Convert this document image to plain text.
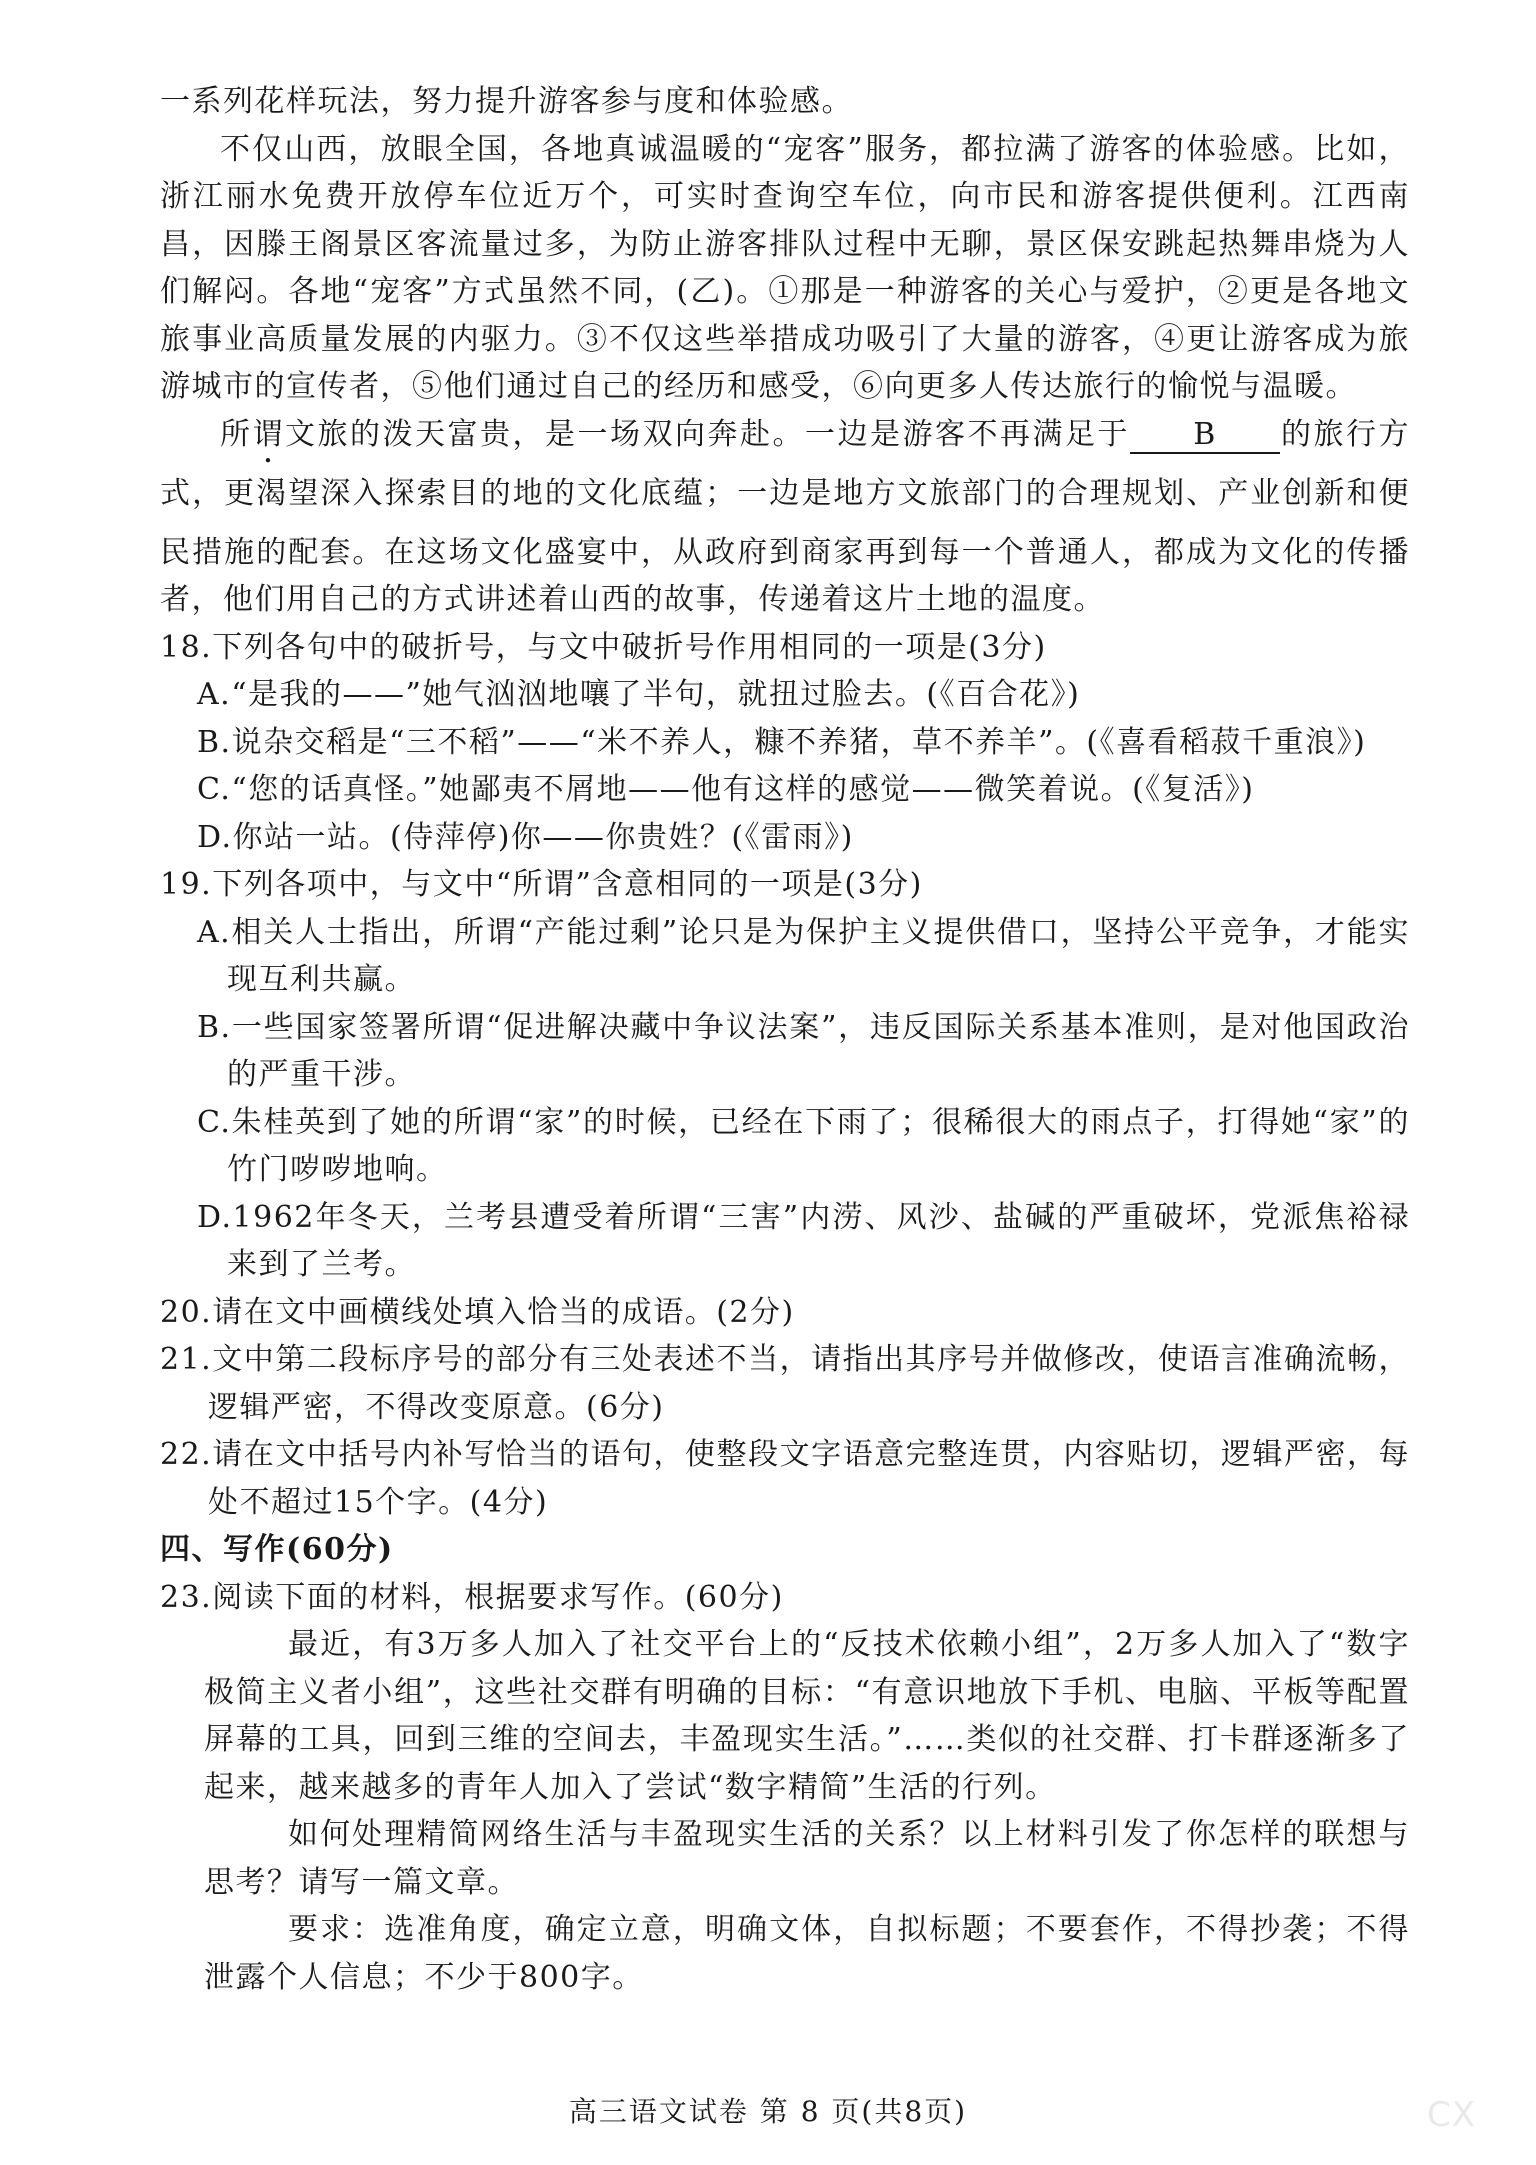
一系列花样玩法，努力提升游客参与度和体验感。

不仅山西，放眼全国，各地真诚温暖的“宠客”服务，都拉满了游客的体验感。比如，浙江丽水免费开放停车位近万个，可实时查询空车位，向市民和游客提供便利。江西南昌，因滕王阁景区客流量过多，为防止游客排队过程中无聊，景区保安跳起热舞串烧为人们解闷。各地“宠客”方式虽然不同，(乙)。①那是一种游客的关心与爱护，②更是各地文旅事业高质量发展的内驱力。③不仅这些举措成功吸引了大量的游客，④更让游客成为旅游城市的宣传者，⑤他们通过自己的经历和感受，⑥向更多人传达旅行的愉悦与温暖。

所谓文旅的泼天富贵，是一场双向奔赴。一边是游客不再满足于 B 的旅行方式，更渴望深入探索目的地的文化底蕴；一边是地方文旅部门的合理规划、产业创新和便民措施的配套。在这场文化盛宴中，从政府到商家再到每一个普通人，都成为文化的传播者，他们用自己的方式讲述着山西的故事，传递着这片土地的温度。

18.下列各句中的破折号，与文中破折号作用相同的一项是(3分)

A.“是我的——”她气汹汹地嚷了半句，就扭过脸去。(《百合花》)

B.说杂交稻是“三不稻”——“米不养人，糠不养猪，草不养羊”。(《喜看稻菽千重浪》)

C.“您的话真怪。”她鄙夷不屑地——他有这样的感觉——微笑着说。(《复活》)

D.你站一站。(侍萍停)你——你贵姓？(《雷雨》)

19.下列各项中，与文中“所谓”含意相同的一项是(3分)

A.相关人士指出，所谓“产能过剩”论只是为保护主义提供借口，坚持公平竞争，才能实现互利共赢。

B.一些国家签署所谓“促进解决藏中争议法案”，违反国际关系基本准则，是对他国政治的严重干涉。

C.朱桂英到了她的所谓“家”的时候，已经在下雨了；很稀很大的雨点子，打得她“家”的竹门哕哕地响。

D.1962年冬天，兰考县遭受着所谓“三害”内涝、风沙、盐碱的严重破坏，党派焦裕禄来到了兰考。

20.请在文中画横线处填入恰当的成语。(2分)

21.文中第二段标序号的部分有三处表述不当，请指出其序号并做修改，使语言准确流畅，逻辑严密，不得改变原意。(6分)

22.请在文中括号内补写恰当的语句，使整段文字语意完整连贯，内容贴切，逻辑严密，每处不超过15个字。(4分)

四、写作(60分)

23.阅读下面的材料，根据要求写作。(60分)

最近，有3万多人加入了社交平台上的“反技术依赖小组”，2万多人加入了“数字极简主义者小组”，这些社交群有明确的目标：“有意识地放下手机、电脑、平板等配置屏幕的工具，回到三维的空间去，丰盈现实生活。”……类似的社交群、打卡群逐渐多了起来，越来越多的青年人加入了尝试“数字精简”生活的行列。

如何处理精简网络生活与丰盈现实生活的关系？以上材料引发了你怎样的联想与思考？请写一篇文章。

要求：选准角度，确定立意，明确文体，自拟标题；不要套作，不得抄袭；不得泄露个人信息；不少于800字。

高三语文试卷 第 8 页(共8页)	CX
